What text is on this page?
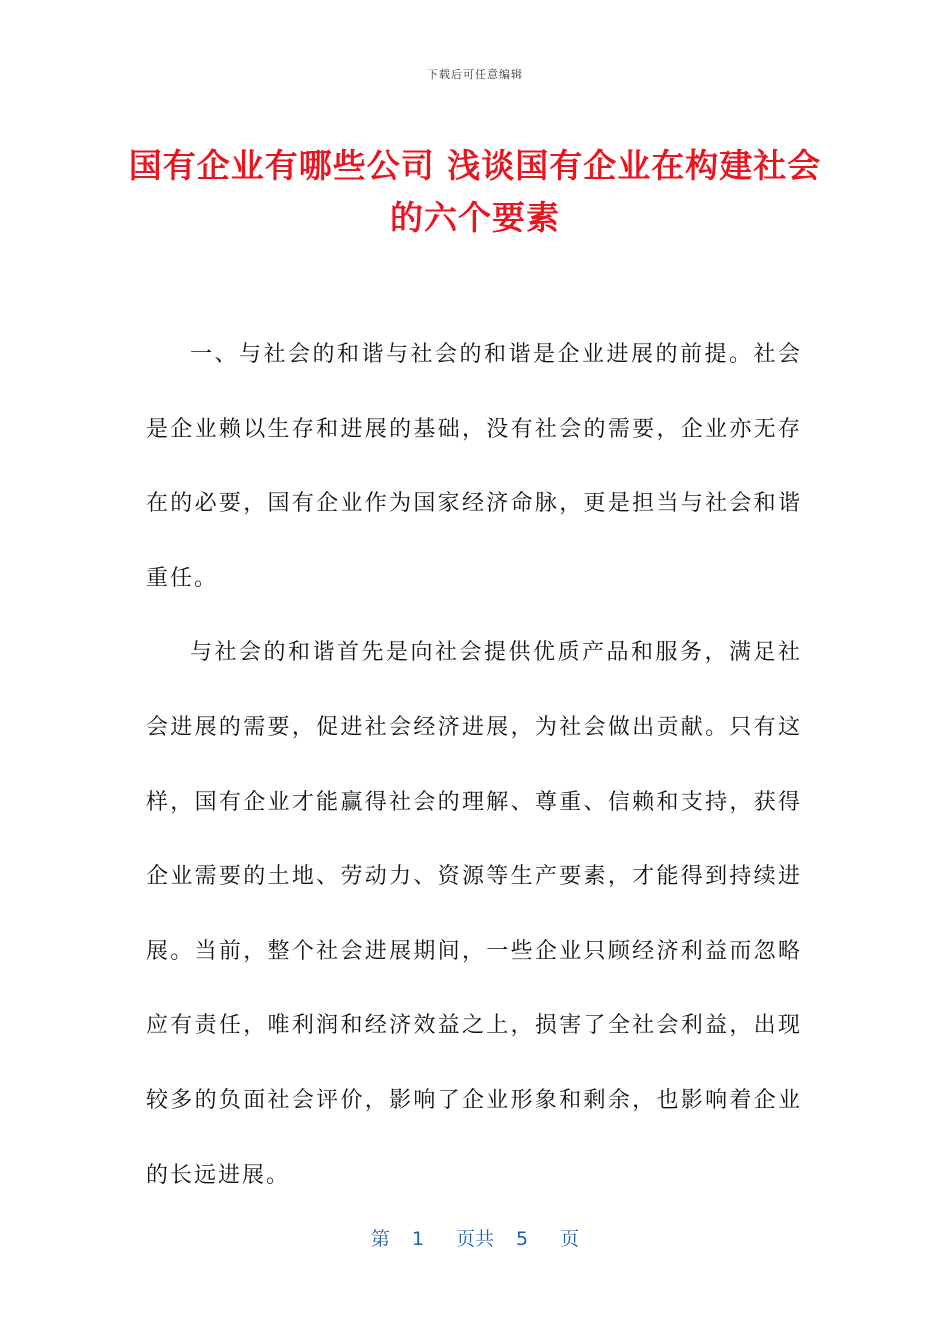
下载后可任意编辑
国有企业有哪些公司 浅谈国有企业在构建社会的六个要素

一、与社会的和谐与社会的和谐是企业进展的前提。社会是企业赖以生存和进展的基础，没有社会的需要，企业亦无存在的必要，国有企业作为国家经济命脉，更是担当与社会和谐重任。

与社会的和谐首先是向社会提供优质产品和服务，满足社会进展的需要，促进社会经济进展，为社会做出贡献。只有这样，国有企业才能赢得社会的理解、尊重、信赖和支持，获得企业需要的土地、劳动力、资源等生产要素，才能得到持续进展。当前，整个社会进展期间，一些企业只顾经济利益而忽略应有责任，唯利润和经济效益之上，损害了全社会利益，出现较多的负面社会评价，影响了企业形象和剩余，也影响着企业的长远进展。

第 1 页共 5 页
